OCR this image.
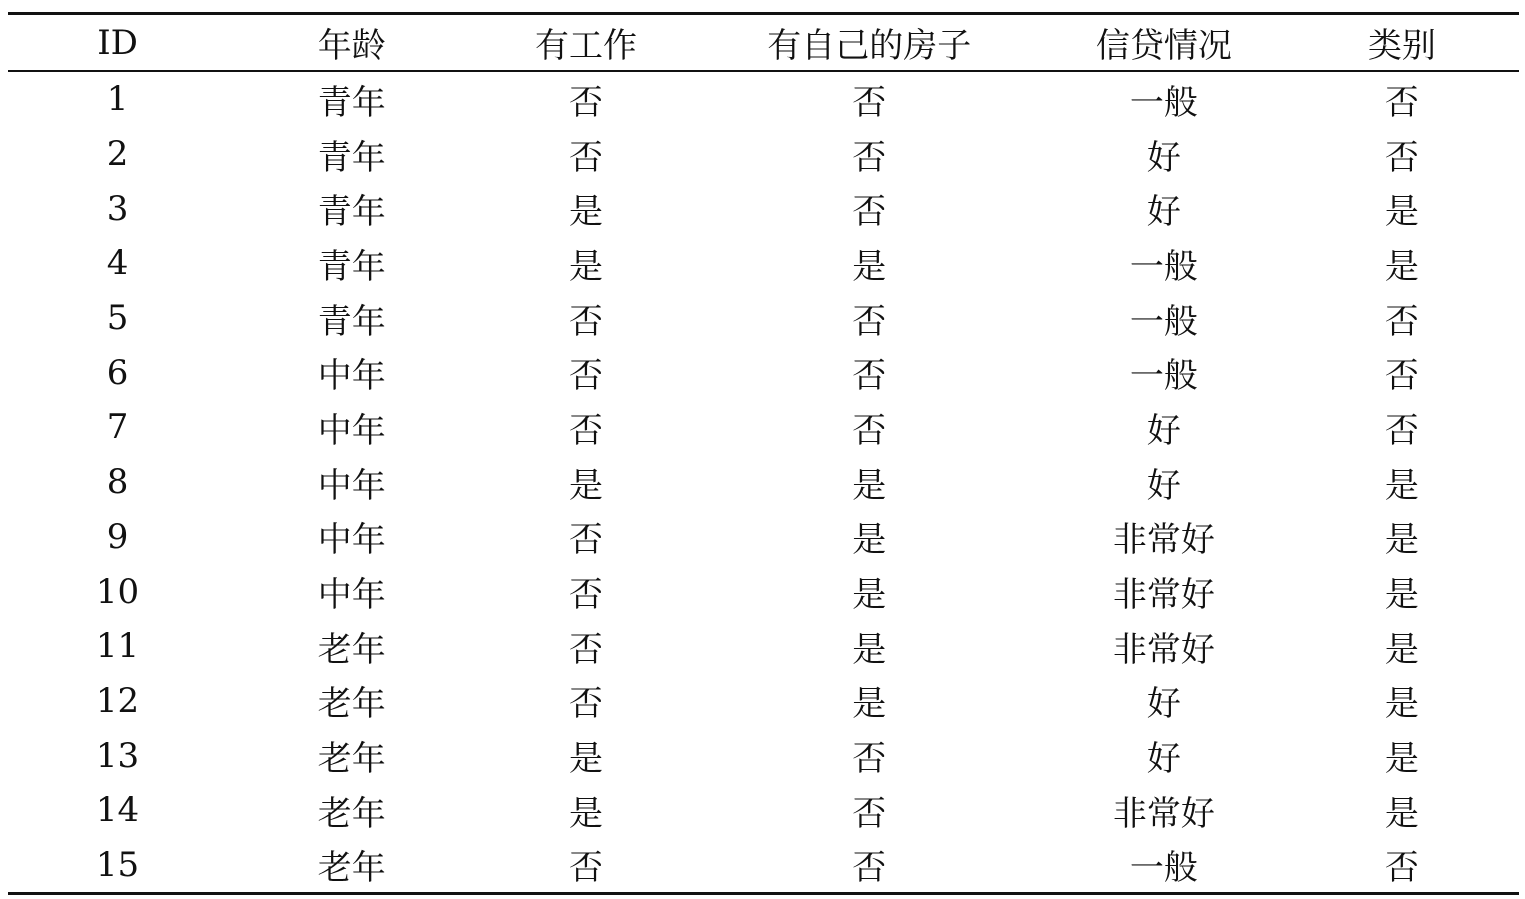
ID	年龄	有工作	有自己的房子	信贷情况	类别
1	青年	否	否	一般	否
2	青年	否	否	好	否
3	青年	是	否	好	是
4	青年	是	是	一般	是
5	青年	否	否	一般	否
6	中年	否	否	一般	否
7	中年	否	否	好	否
8	中年	是	是	好	是
9	中年	否	是	非常好	是
10	中年	否	是	非常好	是
11	老年	否	是	非常好	是
12	老年	否	是	好	是
13	老年	是	否	好	是
14	老年	是	否	非常好	是
15	老年	否	否	一般	否
